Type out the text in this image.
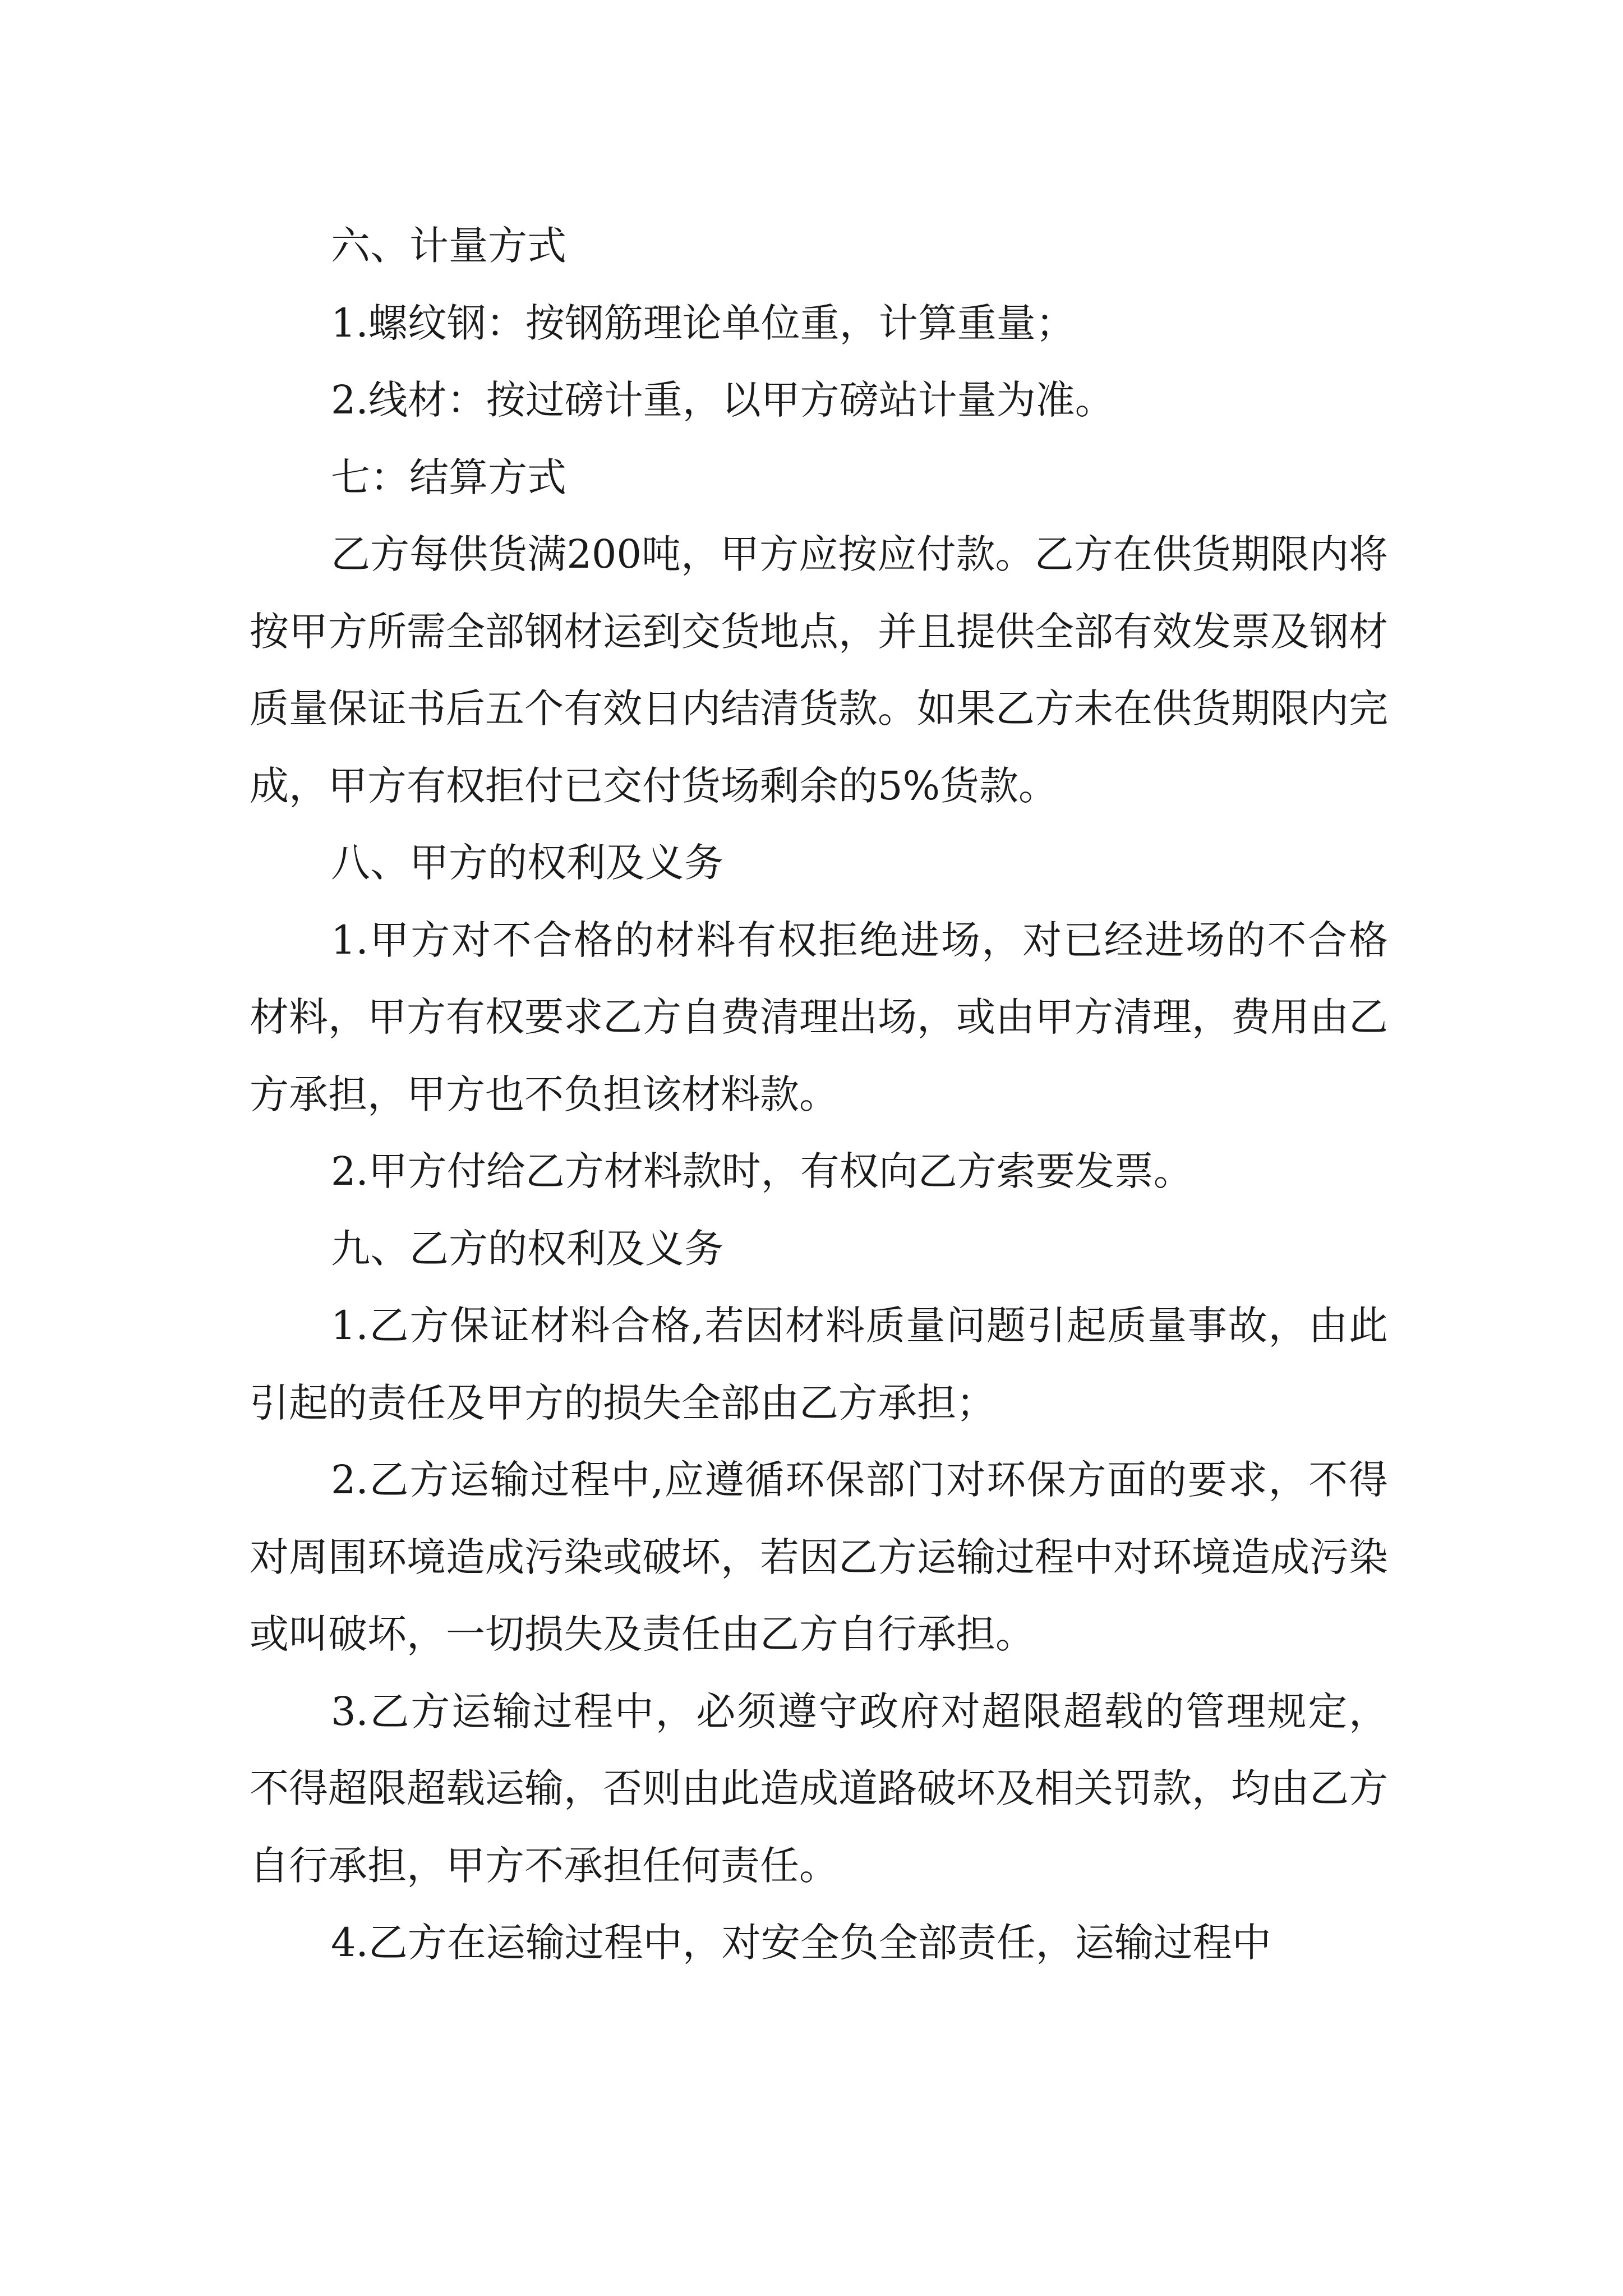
六、计量方式

1.螺纹钢：按钢筋理论单位重，计算重量；

2.线材：按过磅计重，以甲方磅站计量为准。

七：结算方式

乙方每供货满200吨，甲方应按应付款。乙方在供货期限内将按甲方所需全部钢材运到交货地点，并且提供全部有效发票及钢材质量保证书后五个有效日内结清货款。如果乙方未在供货期限内完成，甲方有权拒付已交付货场剩余的5%货款。

八、甲方的权利及义务

1.甲方对不合格的材料有权拒绝进场，对已经进场的不合格材料，甲方有权要求乙方自费清理出场，或由甲方清理，费用由乙方承担，甲方也不负担该材料款。

2.甲方付给乙方材料款时，有权向乙方索要发票。

九、乙方的权利及义务

1.乙方保证材料合格,若因材料质量问题引起质量事故，由此引起的责任及甲方的损失全部由乙方承担；

2.乙方运输过程中,应遵循环保部门对环保方面的要求，不得对周围环境造成污染或破坏，若因乙方运输过程中对环境造成污染或叫破坏，一切损失及责任由乙方自行承担。

3.乙方运输过程中，必须遵守政府对超限超载的管理规定，不得超限超载运输，否则由此造成道路破坏及相关罚款，均由乙方自行承担，甲方不承担任何责任。

4.乙方在运输过程中，对安全负全部责任，运输过程中
